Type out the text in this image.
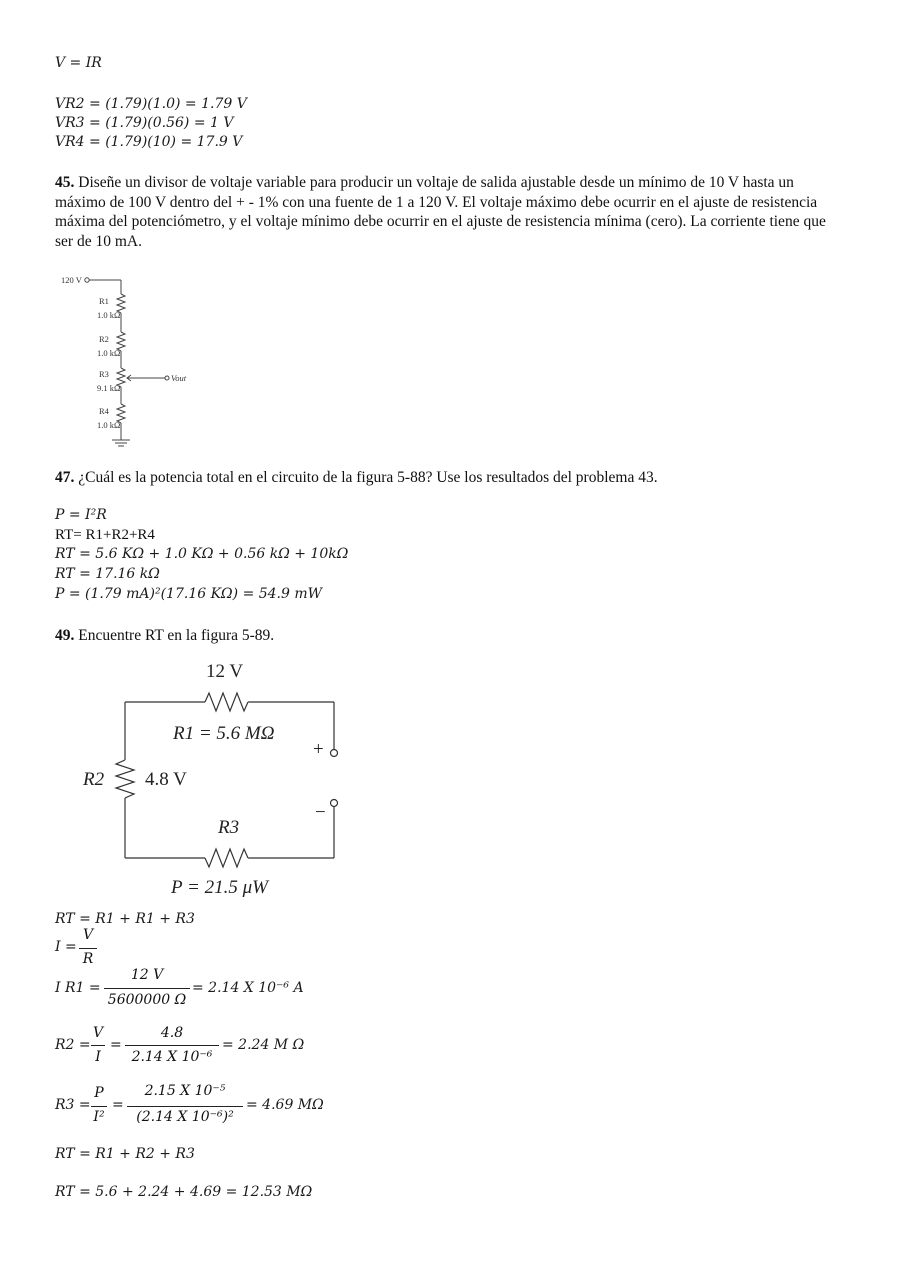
V = IR
VR2 = (1.79)(1.0) = 1.79 V
VR3 = (1.79)(0.56) = 1 V
VR4 = (1.79)(10) = 17.9 V
45. Diseñe un divisor de voltaje variable para producir un voltaje de salida ajustable desde un mínimo de 10 V hasta un máximo de 100 V dentro del + - 1% con una fuente de 1 a 120 V. El voltaje máximo debe ocurrir en el ajuste de resistencia máxima del potenciómetro, y el voltaje mínimo debe ocurrir en el ajuste de resistencia mínima (cero). La corriente tiene que ser de 10 mA.
120 V
R1
1.0 kΩ
R2
1.0 kΩ
R3
9.1 kΩ
Vout
R4
1.0 kΩ
47. ¿Cuál es la potencia total en el circuito de la figura 5-88? Use los resultados del problema 43.
P = I²R
RT= R1+R2+R4
RT = 5.6 KΩ + 1.0 KΩ + 0.56 kΩ + 10kΩ
RT = 17.16 kΩ
P = (1.79 mA)²(17.16 KΩ) = 54.9 mW
49. Encuentre RT en la figura 5-89.
12 V
R1 = 5.6 MΩ
R2 4.8 V
R3
P = 21.5 μW
+
−
RT = R1 + R1 + R3
I =
V
R
I R1 =
12 V
5600000 Ω
= 2.14 X 10⁻⁶ A
R2 =
V
I
=
4.8
2.14 X 10⁻⁶
= 2.24 M Ω
R3 =
P
I²
=
2.15 X 10⁻⁵
(2.14 X 10⁻⁶)²
= 4.69 MΩ
RT = R1 + R2 + R3
RT = 5.6 + 2.24 + 4.69 = 12.53 MΩ
